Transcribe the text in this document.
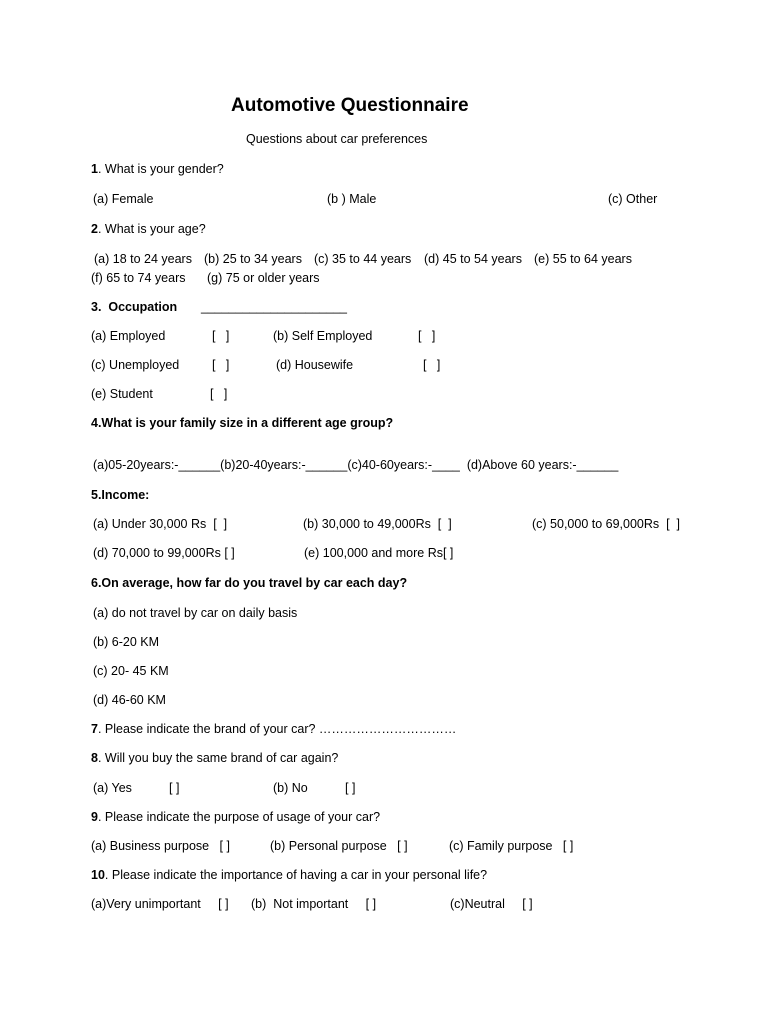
Automotive Questionnaire
Questions about car preferences
1. What is your gender?
(a) Female	(b ) Male	(c) Other
2. What is your age?
(a) 18 to 24 years (b) 25 to 34 years (c) 35 to 44 years (d) 45 to 54 years (e) 55 to 64 years
(f) 65 to 74 years (g) 75 or older years
3.  Occupation _____________________
(a) Employed	[   ]	(b) Self Employed	[   ]
(c) Unemployed	[   ]	(d) Housewife	[   ]
(e) Student	[   ]
4.What is your family size in a different age group?
(a)05-20years:-______(b)20-40years:-______(c)40-60years:-____  (d)Above 60 years:-______
5.Income:
(a) Under 30,000 Rs  [  ]	(b) 30,000 to 49,000Rs  [  ]	(c) 50,000 to 69,000Rs  [  ]
(d) 70,000 to 99,000Rs [ ]	(e) 100,000 and more Rs[ ]
6.On average, how far do you travel by car each day?
(a) do not travel by car on daily basis
(b) 6-20 KM
(c) 20- 45 KM
(d) 46-60 KM
7. Please indicate the brand of your car? ……………………………
8. Will you buy the same brand of car again?
(a) Yes	[ ]	(b) No	[ ]
9. Please indicate the purpose of usage of your car?
(a) Business purpose   [ ]	(b) Personal purpose   [ ]	(c) Family purpose   [ ]
10. Please indicate the importance of having a car in your personal life?
(a)Very unimportant     [ ] (b)  Not important     [ ]	(c)Neutral     [ ]
